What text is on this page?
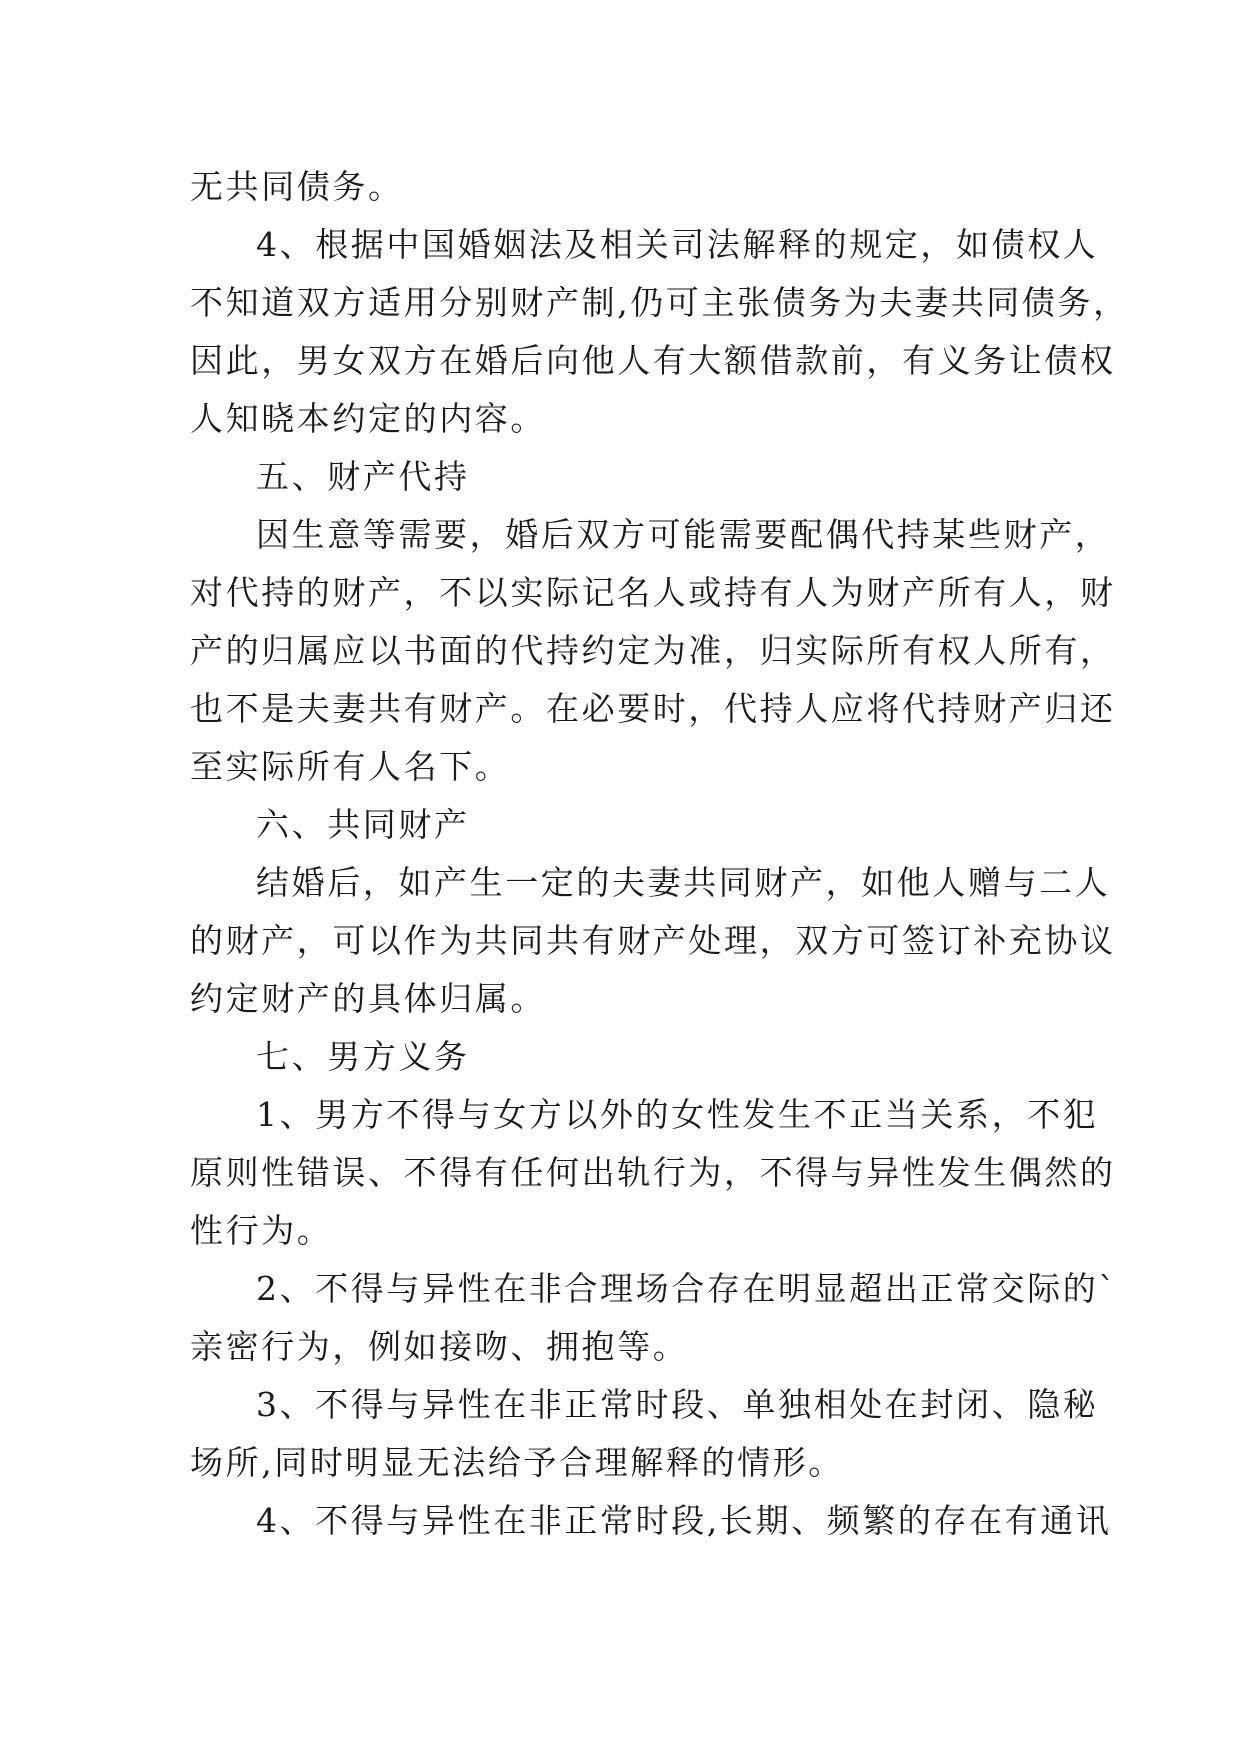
无共同债务。
4、根据中国婚姻法及相关司法解释的规定，如债权人
不知道双方适用分别财产制,仍可主张债务为夫妻共同债务，
因此，男女双方在婚后向他人有大额借款前，有义务让债权
人知晓本约定的内容。
五、财产代持
因生意等需要，婚后双方可能需要配偶代持某些财产，
对代持的财产，不以实际记名人或持有人为财产所有人，财
产的归属应以书面的代持约定为准，归实际所有权人所有，
也不是夫妻共有财产。在必要时，代持人应将代持财产归还
至实际所有人名下。
六、共同财产
结婚后，如产生一定的夫妻共同财产，如他人赠与二人
的财产，可以作为共同共有财产处理，双方可签订补充协议
约定财产的具体归属。
七、男方义务
1、男方不得与女方以外的女性发生不正当关系，不犯
原则性错误、不得有任何出轨行为，不得与异性发生偶然的
性行为。
2、不得与异性在非合理场合存在明显超出正常交际的`
亲密行为，例如接吻、拥抱等。
3、不得与异性在非正常时段、单独相处在封闭、隐秘
场所,同时明显无法给予合理解释的情形。
4、不得与异性在非正常时段,长期、频繁的存在有通讯
